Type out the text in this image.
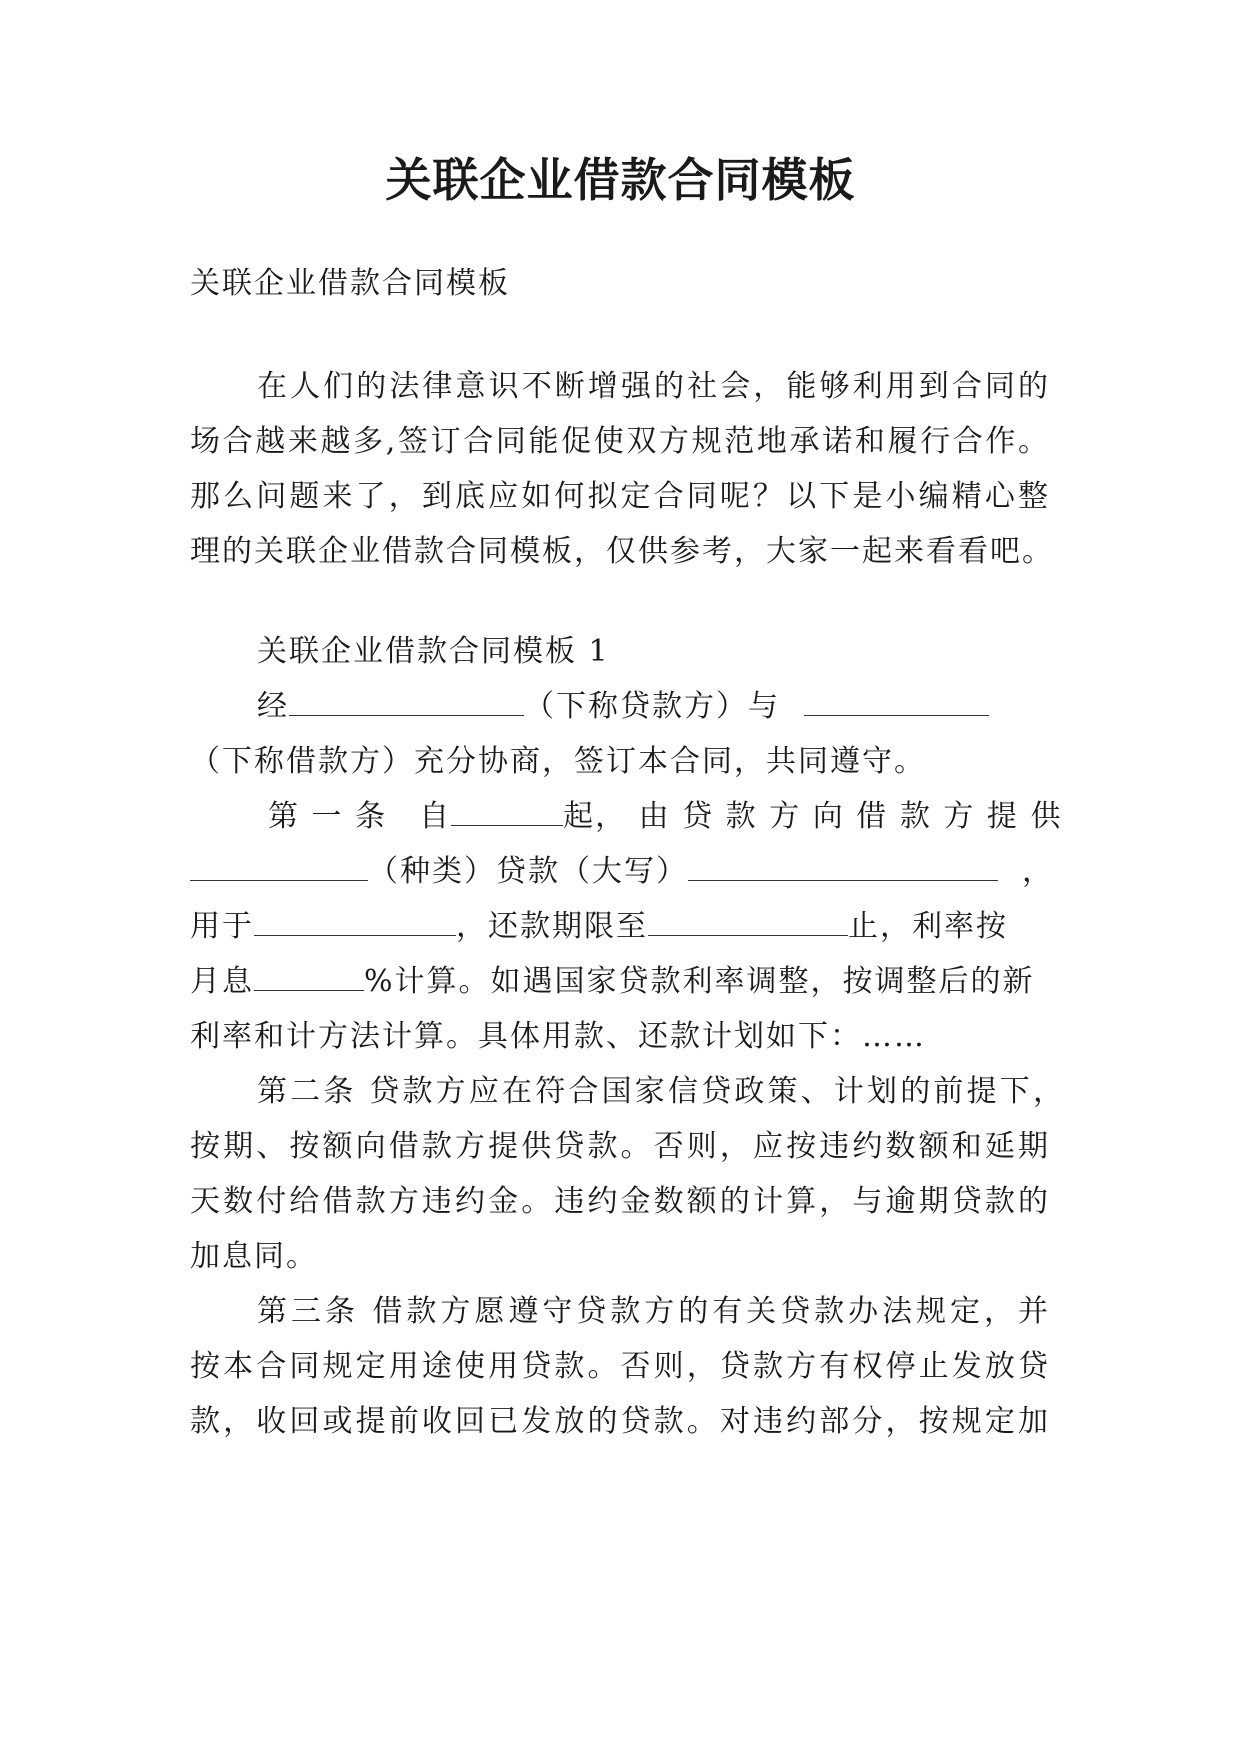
关联企业借款合同模板

关联企业借款合同模板

在人们的法律意识不断增强的社会，能够利用到合同的

场合越来越多,签订合同能促使双方规范地承诺和履行合作。

那么问题来了，到底应如何拟定合同呢？以下是小编精心整

理的关联企业借款合同模板，仅供参考，大家一起来看看吧。

关联企业借款合同模板 1

经	（下称贷款方）与

（下称借款方）充分协商，签订本合同，共同遵守。

第 一 条　自	起， 由 贷 款 方 向 借 款 方 提 供

（种类）贷款（大写）	，

用于	，还款期限至	止，利率按

月息	%计算。如遇国家贷款利率调整，按调整后的新

利率和计方法计算。具体用款、还款计划如下：……

第二条 贷款方应在符合国家信贷政策、计划的前提下，

按期、按额向借款方提供贷款。否则，应按违约数额和延期

天数付给借款方违约金。违约金数额的计算，与逾期贷款的

加息同。

第三条 借款方愿遵守贷款方的有关贷款办法规定，并

按本合同规定用途使用贷款。否则，贷款方有权停止发放贷

款，收回或提前收回已发放的贷款。对违约部分，按规定加
